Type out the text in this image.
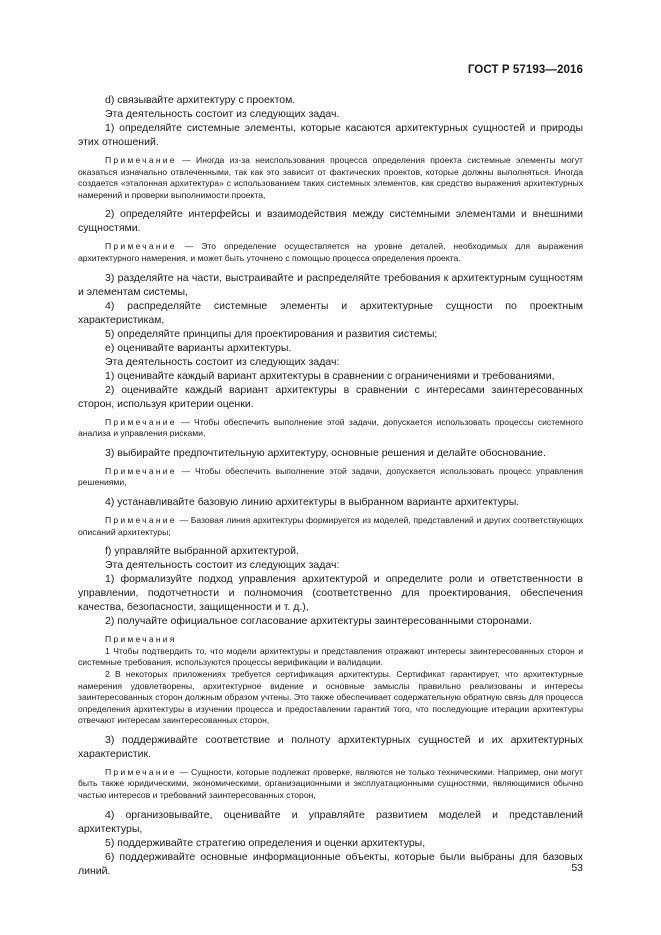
ГОСТ Р 57193—2016

d) связывайте архитектуру с проектом.

Эта деятельность состоит из следующих задач.

1) определяйте системные элементы, которые касаются архитектурных сущностей и природы этих отношений.

Примечание — Иногда из-за неиспользования процесса определения проекта системные элементы могут оказаться изначально отвлеченными, так как это зависит от фактических проектов, которые должны выполняться. Иногда создается «эталонная архитектура» с использованием таких системных элементов, как средство выражения архитектурных намерений и проверки выполнимости проекта,

2) определяйте интерфейсы и взаимодействия между системными элементами и внешними сущностями.

Примечание — Это определение осуществляется на уровне деталей, необходимых для выражения архитектурного намерения, и может быть уточнено с помощью процесса определения проекта.

3) разделяйте на части, выстраивайте и распределяйте требования к архитектурным сущностям и элементам системы,

4) распределяйте системные элементы и архитектурные сущности по проектным характеристикам,

5) определяйте принципы для проектирования и развития системы;

e) оценивайте варианты архитектуры.

Эта деятельность состоит из следующих задач:

1) оценивайте каждый вариант архитектуры в сравнении с ограничениями и требованиями,

2) оценивайте каждый вариант архитектуры в сравнении с интересами заинтересованных сторон, используя критерии оценки.

Примечание — Чтобы обеспечить выполнение этой задачи, допускается использовать процессы системного анализа и управления рисками,

3) выбирайте предпочтительную архитектуру, основные решения и делайте обоснование.

Примечание — Чтобы обеспечить выполнение этой задачи, допускается использовать процесс управления решениями,

4) устанавливайте базовую линию архитектуры в выбранном варианте архитектуры.

Примечание — Базовая линия архитектуры формируется из моделей, представлений и других соответствующих описаний архитектуры;

f) управляйте выбранной архитектурой.

Эта деятельность состоит из следующих задач:

1) формализуйте подход управления архитектурой и определите роли и ответственности в управлении, подотчетности и полномочия (соответственно для проектирования, обеспечения качества, безопасности, защищенности и т. д.),

2) получайте официальное согласование архитектуры заинтересованными сторонами.

Примечания

1 Чтобы подтвердить то, что модели архитектуры и представления отражают интересы заинтересованных сторон и системные требования, используются процессы верификации и валидации.

2 В некоторых приложениях требуется сертификация архитектуры. Сертификат гарантирует, что архитектурные намерения удовлетворены, архитектурное видение и основные замыслы правильно реализованы и интересы заинтересованных сторон должным образом учтены. Это также обеспечивает содержательную обратную связь для процесса определения архитектуры в изучении процесса и предоставлении гарантий того, что последующие итерации архитектуры отвечают интересам заинтересованных сторон,

3) поддерживайте соответствие и полноту архитектурных сущностей и их архитектурных характеристик.

Примечание — Сущности, которые подлежат проверке, являются не только техническими. Например, они могут быть также юридическими, экономическими, организационными и эксплуатационными сущностями, являющимися обычно частью интересов и требований заинтересованных сторон,

4) организовывайте, оценивайте и управляйте развитием моделей и представлений архитектуры,

5) поддерживайте стратегию определения и оценки архитектуры,

6) поддерживайте основные информационные объекты, которые были выбраны для базовых линий.	53
